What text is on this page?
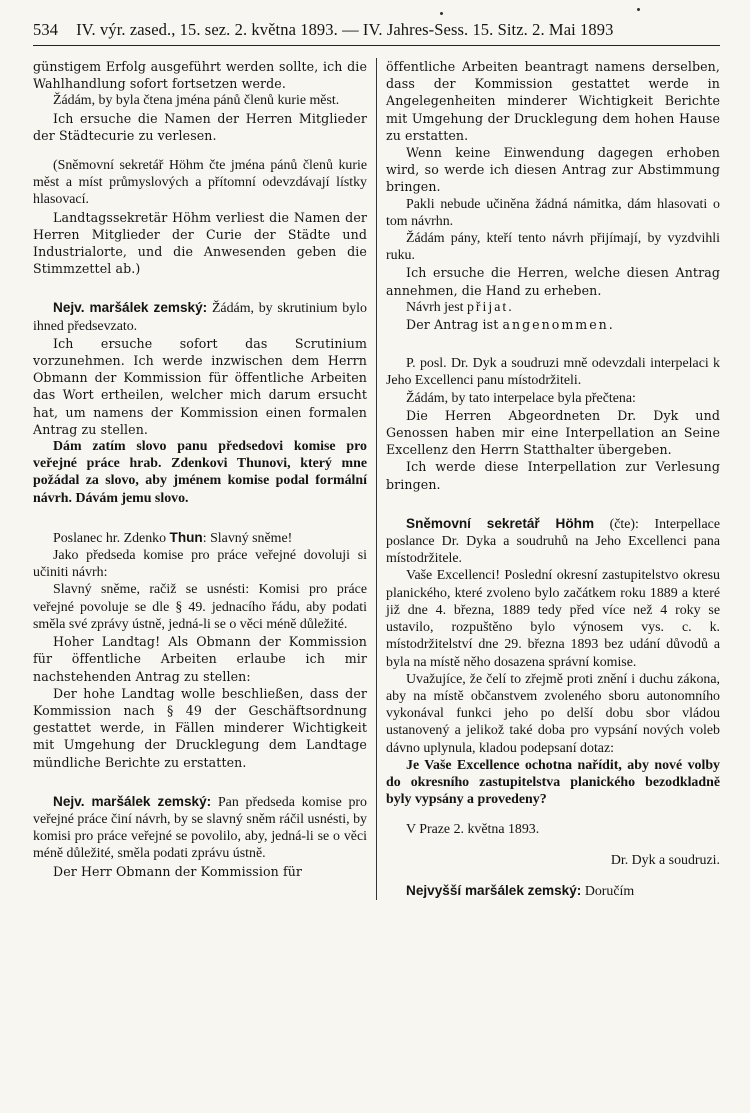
534 IV. výr. zased., 15. sez. 2. května 1893. — IV. Jahres-Sess. 15. Sitz. 2. Mai 1893

günstigem Erfolg ausgeführt werden sollte, ich die Wahlhandlung sofort fortsetzen werde.

Žádám, by byla čtena jména pánů členů kurie měst.

Ich ersuche die Namen der Herren Mitglieder der Städtecurie zu verlesen.

(Sněmovní sekretář Höhm čte jména pánů členů kurie měst a míst průmyslových a přítomní odevzdávají lístky hlasovací.

Landtagssekretär Höhm verliest die Namen der Herren Mitglieder der Curie der Städte und Industrialorte, und die Anwesenden geben die Stimmzettel ab.)

Nejv. maršálek zemský: Žádám, by skrutinium bylo ihned předsevzato.

Ich ersuche sofort das Scrutinium vorzunehmen. Ich werde inzwischen dem Herrn Obmann der Kommission für öffentliche Arbeiten das Wort ertheilen, welcher mich darum ersucht hat, um namens der Kommission einen formalen Antrag zu stellen.

Dám zatím slovo panu předsedovi komise pro veřejné práce hrab. Zdenkovi Thunovi, který mne požádal za slovo, aby jménem komise podal formální návrh. Dávám jemu slovo.

Poslanec hr. Zdenko Thun: Slavný sněme!

Jako předseda komise pro práce veřejné dovoluji si učiniti návrh:

Slavný sněme, račiž se usnésti: Komisi pro práce veřejné povoluje se dle § 49. jednacího řádu, aby podati směla své zprávy ústně, jedná-li se o věci méně důležité.

Hoher Landtag! Als Obmann der Kommission für öffentliche Arbeiten erlaube ich mir nachstehenden Antrag zu stellen:

Der hohe Landtag wolle beschließen, dass der Kommission nach § 49 der Geschäftsordnung gestattet werde, in Fällen minderer Wichtigkeit mit Umgehung der Drucklegung dem Landtage mündliche Berichte zu erstatten.

Nejv. maršálek zemský: Pan předseda komise pro veřejné práce činí návrh, by se slavný sněm ráčil usnésti, by komisi pro práce veřejné se povolilo, aby, jedná-li se o věci méně důležité, směla podati zprávu ústně.

Der Herr Obmann der Kommission für

öffentliche Arbeiten beantragt namens derselben, dass der Kommission gestattet werde in Angelegenheiten minderer Wichtigkeit Berichte mit Umgehung der Drucklegung dem hohen Hause zu erstatten.

Wenn keine Einwendung dagegen erhoben wird, so werde ich diesen Antrag zur Abstimmung bringen.

Pakli nebude učiněna žádná námitka, dám hlasovati o tom návrhn.

Žádám pány, kteří tento návrh přijímají, by vyzdvihli ruku.

Ich ersuche die Herren, welche diesen Antrag annehmen, die Hand zu erheben.

Návrh jest přijat.

Der Antrag ist angenommen.

P. posl. Dr. Dyk a soudruzi mně odevzdali interpelaci k Jeho Excellenci panu místodržiteli.

Žádám, by tato interpelace byla přečtena:

Die Herren Abgeordneten Dr. Dyk und Genossen haben mir eine Interpellation an Seine Excellenz den Herrn Statthalter übergeben.

Ich werde diese Interpellation zur Verlesung bringen.

Sněmovní sekretář Höhm (čte): Interpellace poslance Dr. Dyka a soudruhů na Jeho Excellenci pana místodržitele.

Vaše Excellenci! Poslední okresní zastupitelstvo okresu planického, které zvoleno bylo začátkem roku 1889 a které již dne 4. března, 1889 tedy před více než 4 roky se ustavilo, rozpuštěno bylo výnosem vys. c. k. místodržitelství dne 29. března 1893 bez udání důvodů a byla na místě něho dosazena správní komise.

Uvažujíce, že čelí to zřejmě proti znění i duchu zákona, aby na místě občanstvem zvoleného sboru autonomního vykonával funkci jeho po delší dobu sbor vládou ustanovený a jelikož také doba pro vypsání nových voleb dávno uplynula, kladou podepsaní dotaz:

Je Vaše Excellence ochotna nařídit, aby nové volby do okresního zastupitelstva planického bezodkladně byly vypsány a provedeny?

V Praze 2. května 1893.

Dr. Dyk a soudruzi.

Nejvyšší maršálek zemský: Doručím
